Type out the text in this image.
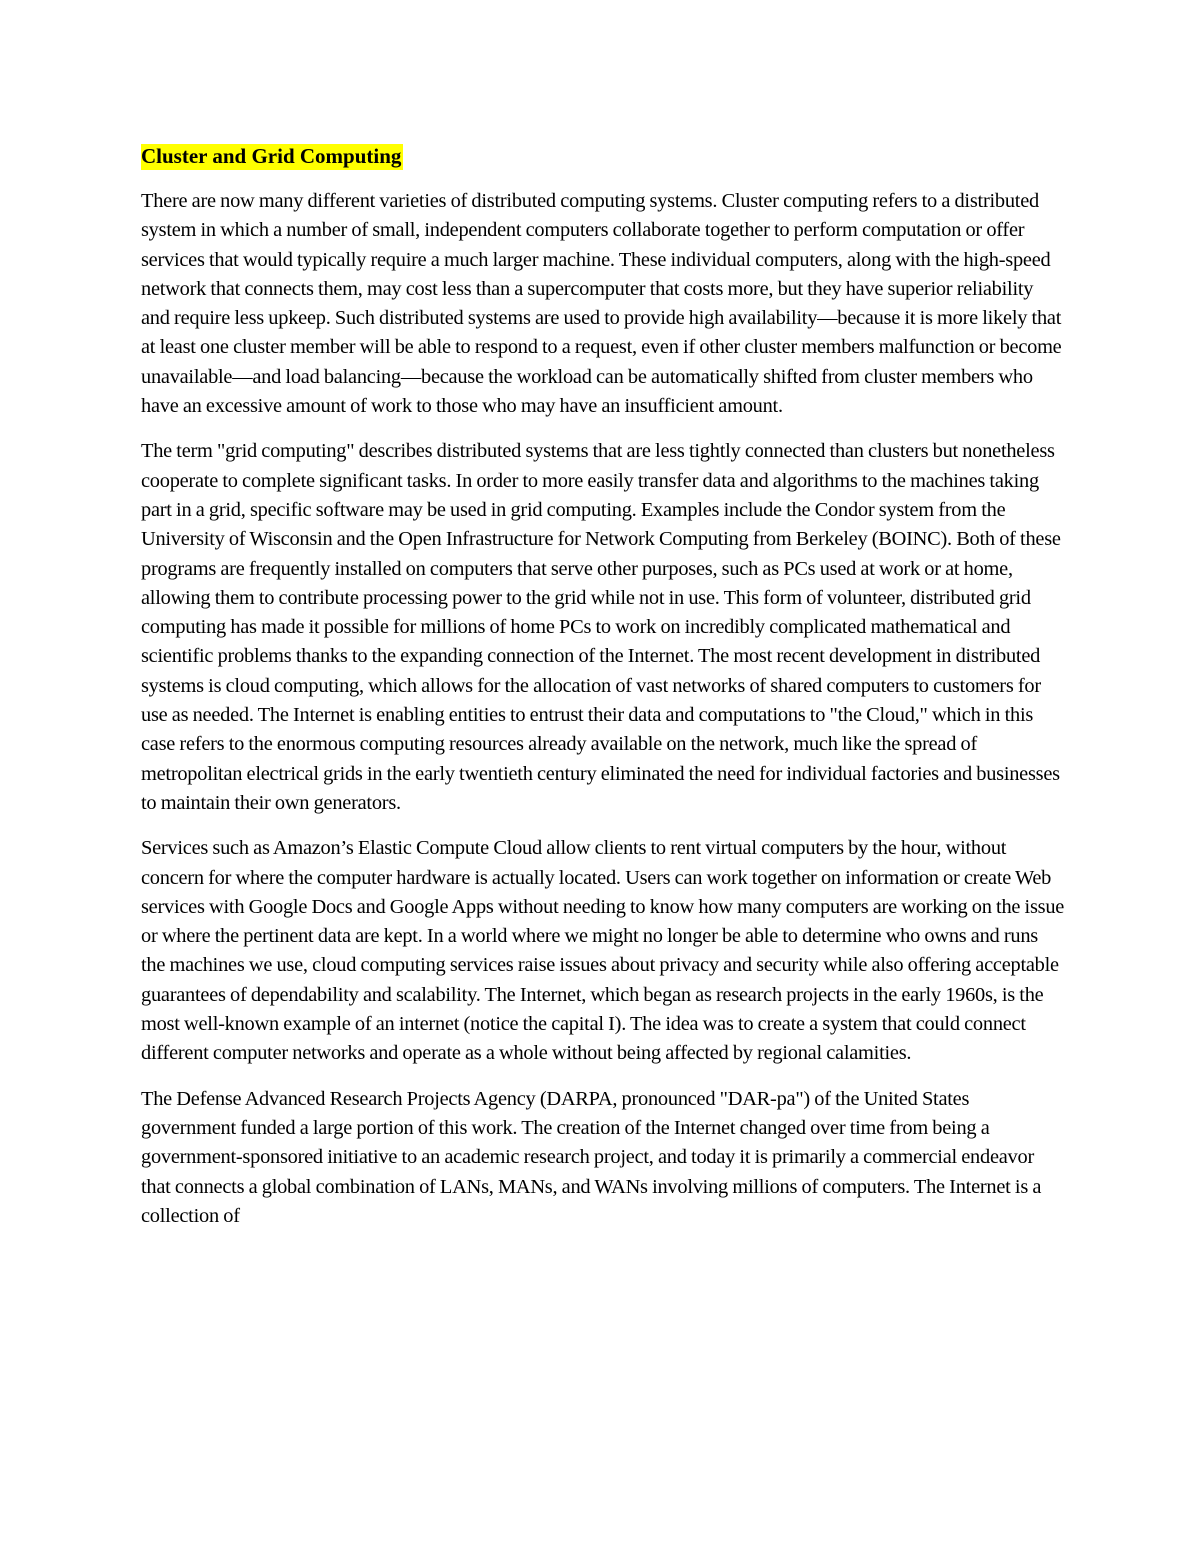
Cluster and Grid Computing

There are now many different varieties of distributed computing systems. Cluster computing refers to a distributed system in which a number of small, independent computers collaborate together to perform computation or offer services that would typically require a much larger machine. These individual computers, along with the high-speed network that connects them, may cost less than a supercomputer that costs more, but they have superior reliability and require less upkeep. Such distributed systems are used to provide high availability—because it is more likely that at least one cluster member will be able to respond to a request, even if other cluster members malfunction or become unavailable—and load balancing—because the workload can be automatically shifted from cluster members who have an excessive amount of work to those who may have an insufficient amount.

The term "grid computing" describes distributed systems that are less tightly connected than clusters but nonetheless cooperate to complete significant tasks. In order to more easily transfer data and algorithms to the machines taking part in a grid, specific software may be used in grid computing. Examples include the Condor system from the University of Wisconsin and the Open Infrastructure for Network Computing from Berkeley (BOINC). Both of these programs are frequently installed on computers that serve other purposes, such as PCs used at work or at home, allowing them to contribute processing power to the grid while not in use. This form of volunteer, distributed grid computing has made it possible for millions of home PCs to work on incredibly complicated mathematical and scientific problems thanks to the expanding connection of the Internet. The most recent development in distributed systems is cloud computing, which allows for the allocation of vast networks of shared computers to customers for use as needed. The Internet is enabling entities to entrust their data and computations to "the Cloud," which in this case refers to the enormous computing resources already available on the network, much like the spread of metropolitan electrical grids in the early twentieth century eliminated the need for individual factories and businesses to maintain their own generators.

Services such as Amazon’s Elastic Compute Cloud allow clients to rent virtual computers by the hour, without concern for where the computer hardware is actually located. Users can work together on information or create Web services with Google Docs and Google Apps without needing to know how many computers are working on the issue or where the pertinent data are kept. In a world where we might no longer be able to determine who owns and runs the machines we use, cloud computing services raise issues about privacy and security while also offering acceptable guarantees of dependability and scalability. The Internet, which began as research projects in the early 1960s, is the most well-known example of an internet (notice the capital I). The idea was to create a system that could connect different computer networks and operate as a whole without being affected by regional calamities.

The Defense Advanced Research Projects Agency (DARPA, pronounced "DAR-pa") of the United States government funded a large portion of this work. The creation of the Internet changed over time from being a government-sponsored initiative to an academic research project, and today it is primarily a commercial endeavor that connects a global combination of LANs, MANs, and WANs involving millions of computers. The Internet is a collection of
